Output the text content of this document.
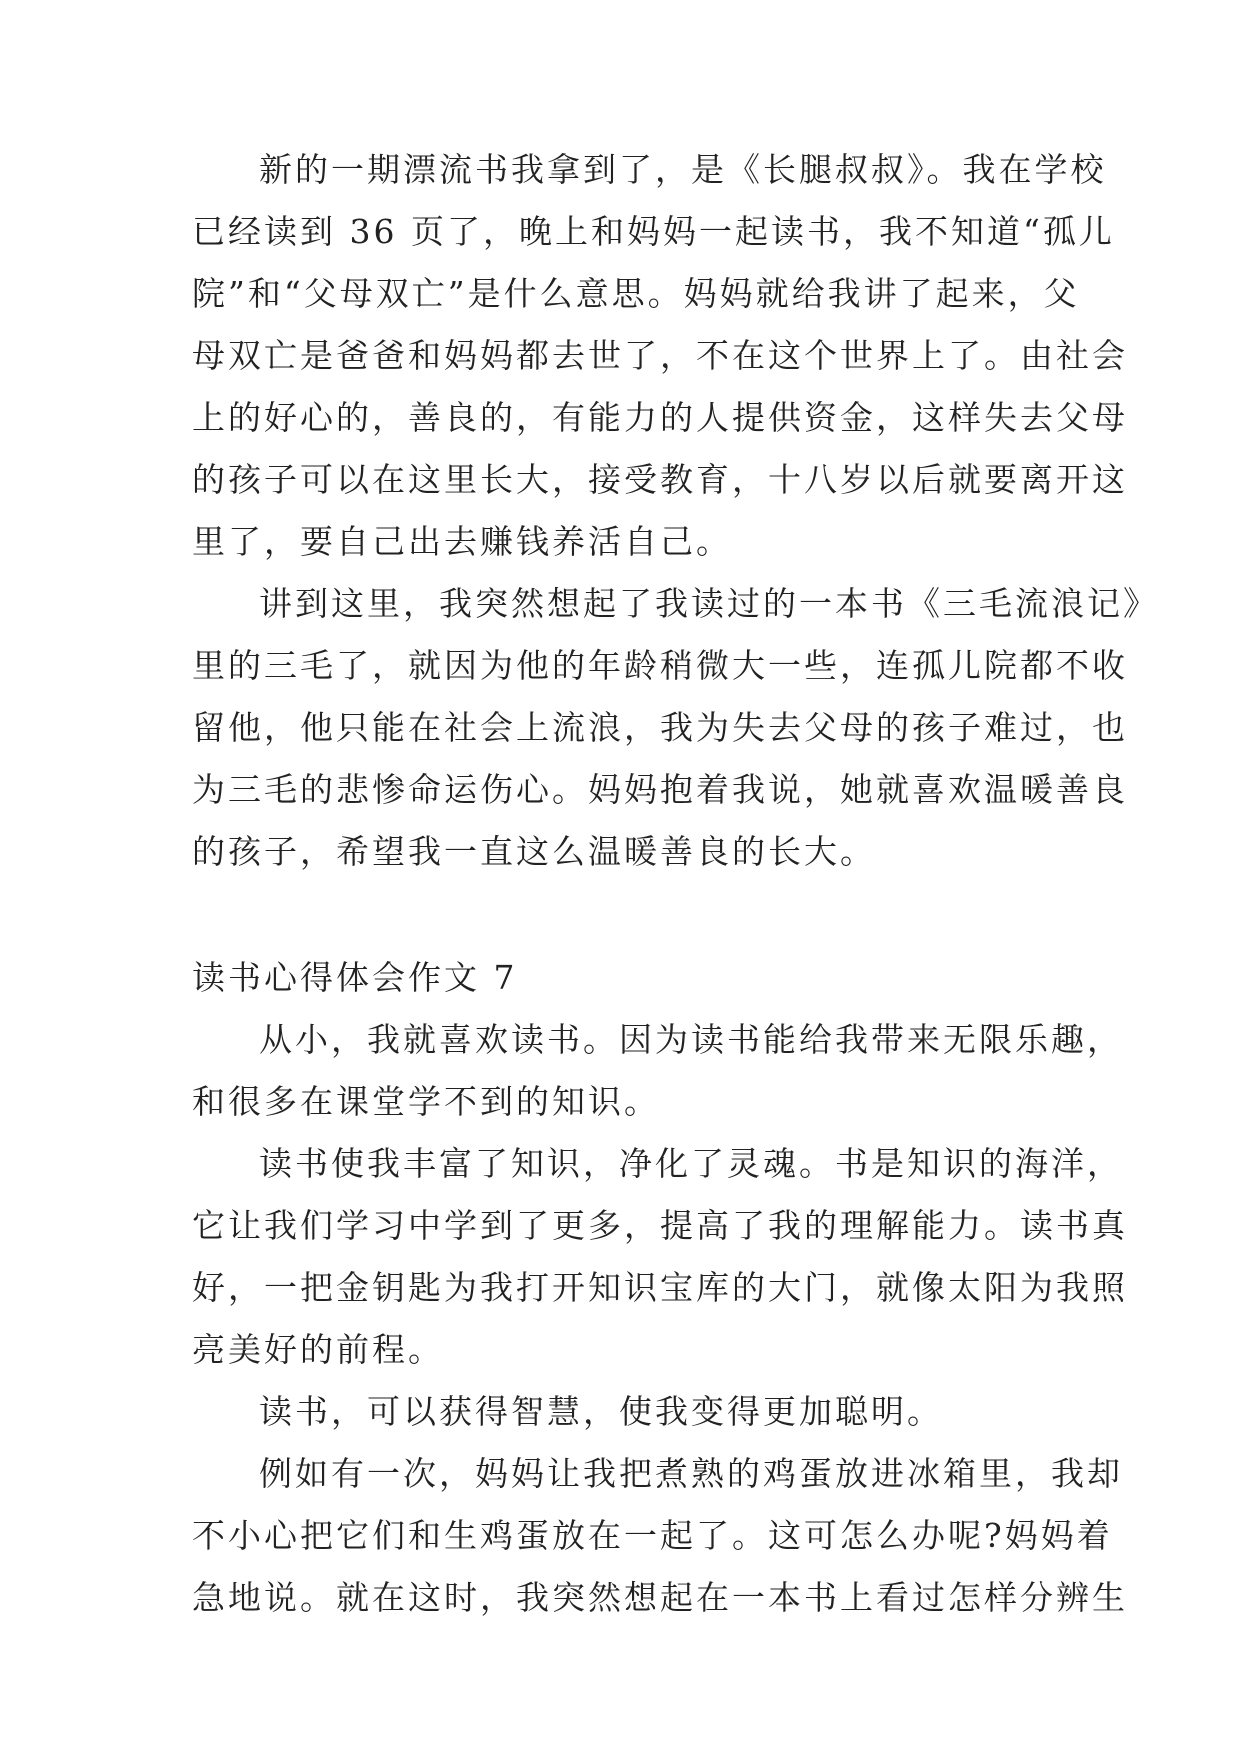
新的一期漂流书我拿到了，是《长腿叔叔》。我在学校

已经读到 36 页了，晚上和妈妈一起读书，我不知道“孤儿

院”和“父母双亡”是什么意思。妈妈就给我讲了起来，父

母双亡是爸爸和妈妈都去世了，不在这个世界上了。由社会

上的好心的，善良的，有能力的人提供资金，这样失去父母

的孩子可以在这里长大，接受教育，十八岁以后就要离开这

里了，要自己出去赚钱养活自己。

讲到这里，我突然想起了我读过的一本书《三毛流浪记》

里的三毛了，就因为他的年龄稍微大一些，连孤儿院都不收

留他，他只能在社会上流浪，我为失去父母的孩子难过，也

为三毛的悲惨命运伤心。妈妈抱着我说，她就喜欢温暖善良

的孩子，希望我一直这么温暖善良的长大。

读书心得体会作文 7

从小，我就喜欢读书。因为读书能给我带来无限乐趣，

和很多在课堂学不到的知识。

读书使我丰富了知识，净化了灵魂。书是知识的海洋，

它让我们学习中学到了更多，提高了我的理解能力。读书真

好，一把金钥匙为我打开知识宝库的大门，就像太阳为我照

亮美好的前程。

读书，可以获得智慧，使我变得更加聪明。

例如有一次，妈妈让我把煮熟的鸡蛋放进冰箱里，我却

不小心把它们和生鸡蛋放在一起了。这可怎么办呢?妈妈着

急地说。就在这时，我突然想起在一本书上看过怎样分辨生
